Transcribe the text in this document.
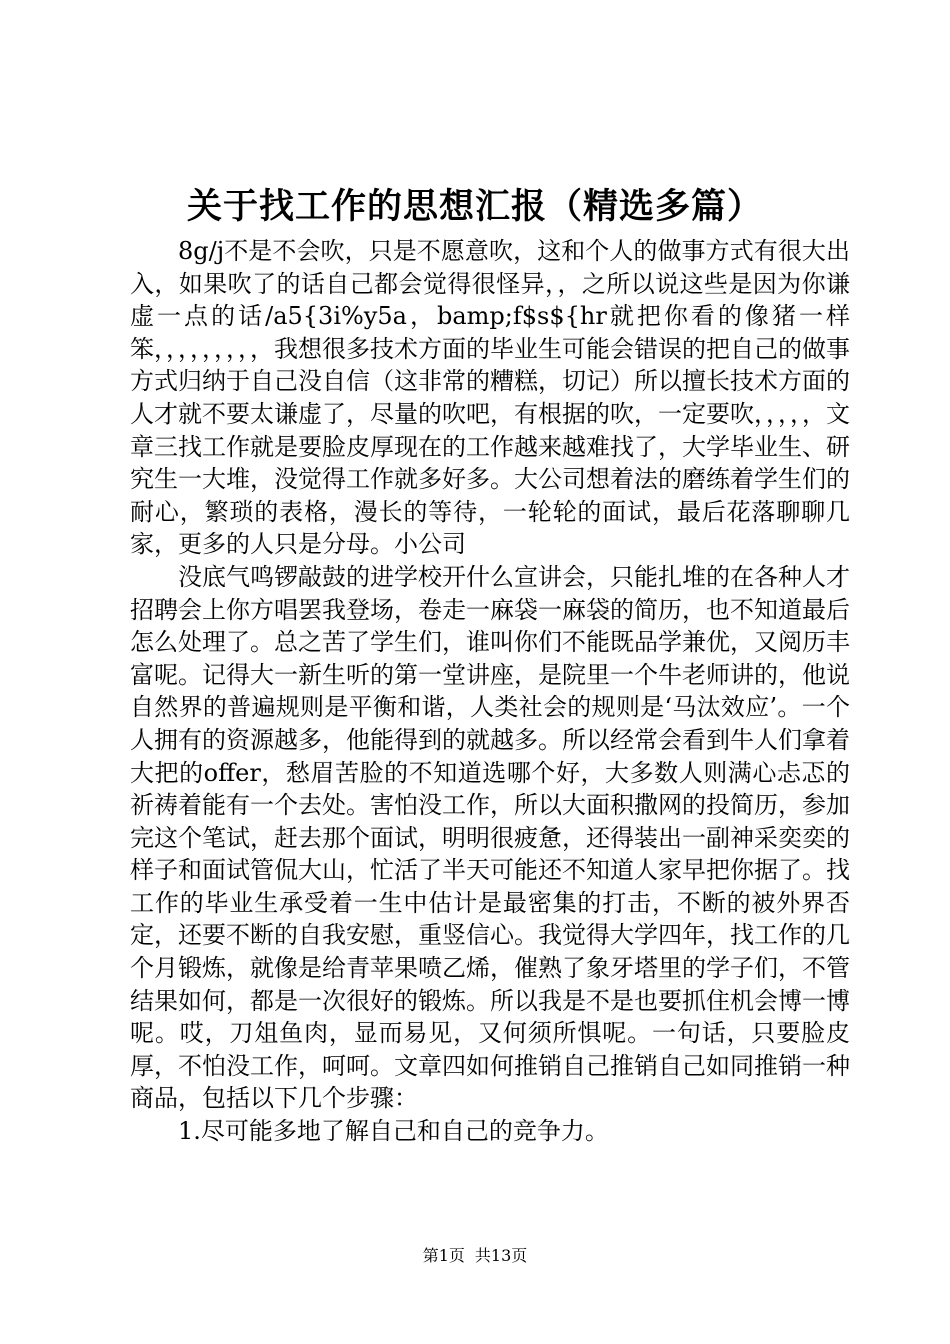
关于找工作的思想汇报（精选多篇）

8g/j不是不会吹，只是不愿意吹，这和个人的做事方式有很大出入，如果吹了的话自己都会觉得很怪异，，之所以说这些是因为你谦虚一点的话/a5{3i%y5a，bamp;f$s${hr就把你看的像猪一样笨，，，，，，，，，我想很多技术方面的毕业生可能会错误的把自己的做事方式归纳于自己没自信（这非常的糟糕，切记）所以擅长技术方面的人才就不要太谦虚了，尽量的吹吧，有根据的吹，一定要吹，，，，，文章三找工作就是要脸皮厚现在的工作越来越难找了，大学毕业生、研究生一大堆，没觉得工作就多好多。大公司想着法的磨练着学生们的耐心，繁琐的表格，漫长的等待，一轮轮的面试，最后花落聊聊几家，更多的人只是分母。小公司

没底气鸣锣敲鼓的进学校开什么宣讲会，只能扎堆的在各种人才招聘会上你方唱罢我登场，卷走一麻袋一麻袋的简历，也不知道最后怎么处理了。总之苦了学生们，谁叫你们不能既品学兼优，又阅历丰富呢。记得大一新生听的第一堂讲座，是院里一个牛老师讲的，他说自然界的普遍规则是平衡和谐，人类社会的规则是‘马汰效应’。一个人拥有的资源越多，他能得到的就越多。所以经常会看到牛人们拿着大把的offer，愁眉苦脸的不知道选哪个好，大多数人则满心忐忑的祈祷着能有一个去处。害怕没工作，所以大面积撒网的投简历，参加完这个笔试，赶去那个面试，明明很疲惫，还得装出一副神采奕奕的样子和面试管侃大山，忙活了半天可能还不知道人家早把你据了。找工作的毕业生承受着一生中估计是最密集的打击，不断的被外界否定，还要不断的自我安慰，重竖信心。我觉得大学四年，找工作的几个月锻炼，就像是给青苹果喷乙烯，催熟了象牙塔里的学子们，不管结果如何，都是一次很好的锻炼。所以我是不是也要抓住机会博一博呢。哎，刀俎鱼肉，显而易见，又何须所惧呢。一句话，只要脸皮厚，不怕没工作，呵呵。文章四如何推销自己推销自己如同推销一种商品，包括以下几个步骤：

1.尽可能多地了解自己和自己的竞争力。

第1页 共13页
